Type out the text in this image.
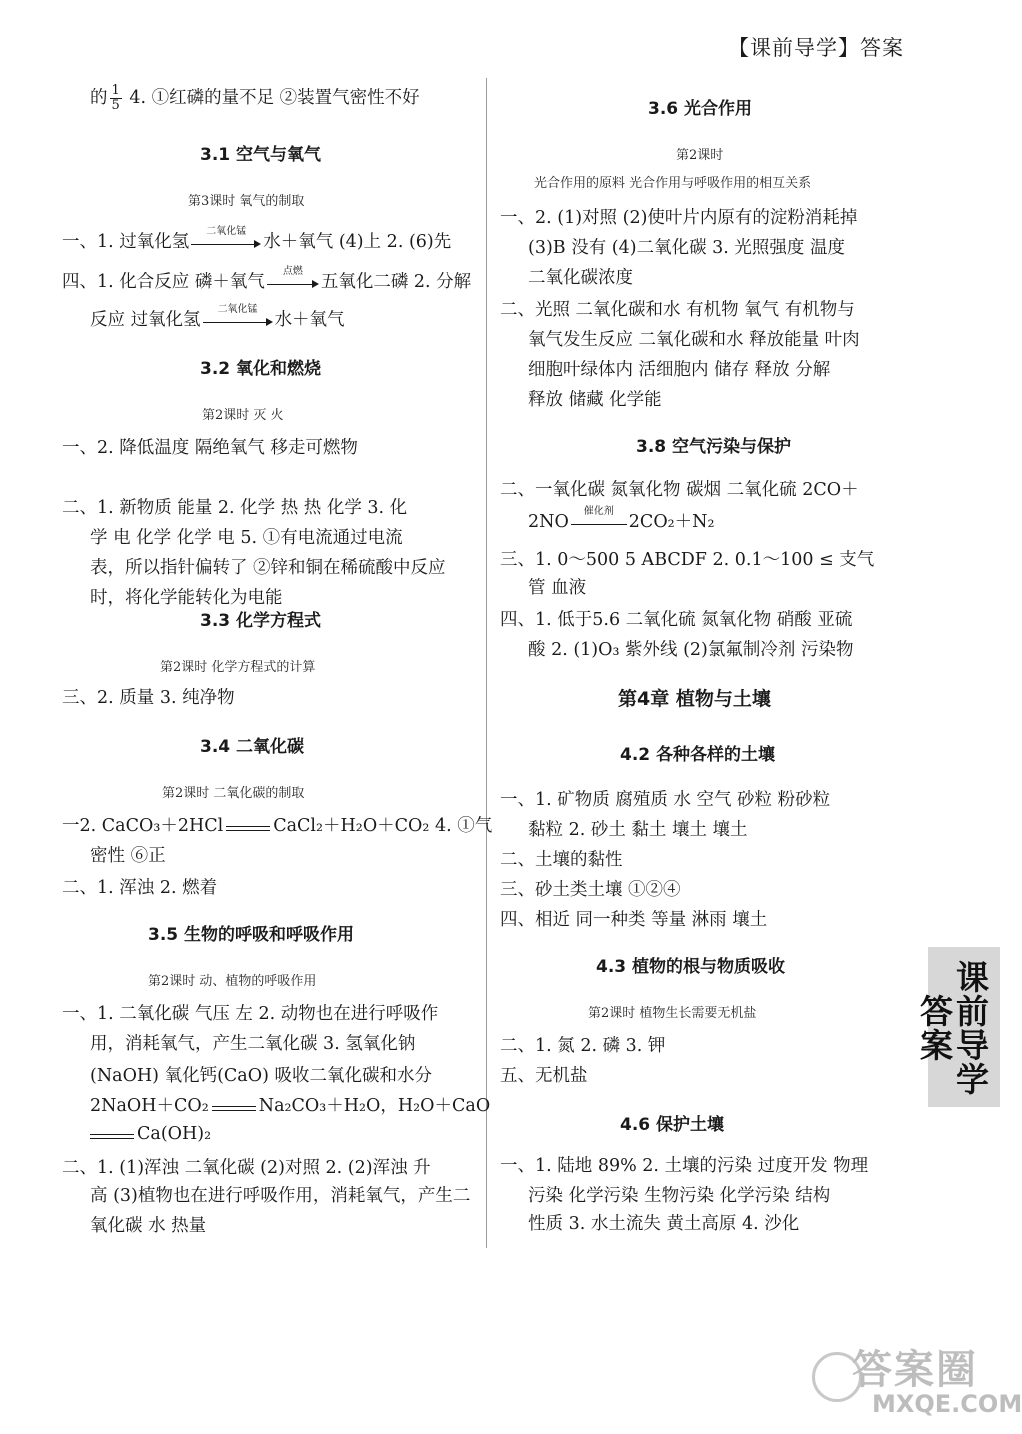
【课前导学】答案
的 $\frac{1}{5} 4$. ①红磷的量不足 ②装置气密性不好
3.1 空气与氧气
第3课时 氧气的制取
一、1. 过氧化氢
二氧化锰
水＋氧气 (4)上 2. (6)先
四、1. 化合反应 磷＋氧气
点燃
五氧化二磷 2. 分解
反应 过氧化氢
二氧化锰
水＋氧气
3.2 氧化和燃烧
第2课时 灭 火
一、2. 降低温度 隔绝氧气 移走可燃物
二、1. 新物质 能量 2. 化学 热 热 化学 3. 化
学 电 化学 化学 电 5. ①有电流通过电流
表，所以指针偏转了 ②锌和铜在稀硫酸中反应
时，将化学能转化为电能
3.3 化学方程式
第2课时 化学方程式的计算
三、2. 质量 3. 纯净物
3.4 二氧化碳
第2课时 二氧化碳的制取
一2. CaCO₃＋2HCl	CaCl₂＋H₂O＋CO₂ 4. ①气
密性 ⑥正
二、1. 浑浊 2. 燃着
3.5 生物的呼吸和呼吸作用
第2课时 动、植物的呼吸作用
一、1. 二氧化碳 气压 左 2. 动物也在进行呼吸作
用，消耗氧气，产生二氧化碳 3. 氢氧化钠
(NaOH) 氧化钙(CaO) 吸收二氧化碳和水分
2NaOH＋CO₂	Na₂CO₃＋H₂O，H₂O＋CaO
Ca(OH)₂
二、1. (1)浑浊 二氧化碳 (2)对照 2. (2)浑浊 升
高 (3)植物也在进行呼吸作用，消耗氧气，产生二
氧化碳 水 热量
3.6 光合作用
第2课时
光合作用的原料 光合作用与呼吸作用的相互关系
一、2. (1)对照 (2)使叶片内原有的淀粉消耗掉
(3)B 没有 (4)二氧化碳 3. 光照强度 温度
二氧化碳浓度
二、光照 二氧化碳和水 有机物 氧气 有机物与
氧气发生反应 二氧化碳和水 释放能量 叶肉
细胞叶绿体内 活细胞内 储存 释放 分解
释放 储藏 化学能
3.8 空气污染与保护
二、一氧化碳 氮氧化物 碳烟 二氧化硫 2CO＋
2NO
催化剂
2CO₂＋N₂
三、1. 0～500 5 ABCDF 2. 0.1～100 ≤ 支气
管 血液
四、1. 低于5.6 二氧化硫 氮氧化物 硝酸 亚硫
酸 2. (1)O₃ 紫外线 (2)氯氟制冷剂 污染物
第4章 植物与土壤
4.2 各种各样的土壤
一、1. 矿物质 腐殖质 水 空气 砂粒 粉砂粒
黏粒 2. 砂土 黏土 壤土 壤土
二、土壤的黏性
三、砂土类土壤 ①②④
四、相近 同一种类 等量 淋雨 壤土
4.3 植物的根与物质吸收
第2课时 植物生长需要无机盐
二、1. 氮 2. 磷 3. 钾
五、无机盐
4.6 保护土壤
一、1. 陆地 89% 2. 土壤的污染 过度开发 物理
污染 化学污染 生物污染 化学污染 结构
性质 3. 水土流失 黄土高原 4. 沙化
课前导学答案
答案圈
MXQE.COM
